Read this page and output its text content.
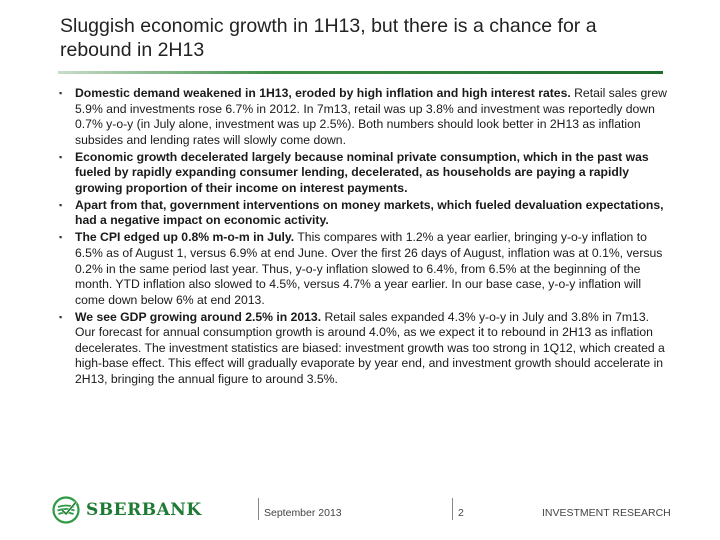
Sluggish economic growth in 1H13, but there is a chance for a rebound in 2H13
▪ Domestic demand weakened in 1H13, eroded by high inflation and high interest rates. Retail sales grew 5.9% and investments rose 6.7% in 2012. In 7m13, retail was up 3.8% and investment was reportedly down 0.7% y-o-y (in July alone, investment was up 2.5%). Both numbers should look better in 2H13 as inflation subsides and lending rates will slowly come down.
▪ Economic growth decelerated largely because nominal private consumption, which in the past was fueled by rapidly expanding consumer lending, decelerated, as households are paying a rapidly growing proportion of their income on interest payments.
▪ Apart from that, government interventions on money markets, which fueled devaluation expectations, had a negative impact on economic activity.
▪ The CPI edged up 0.8% m-o-m in July. This compares with 1.2% a year earlier, bringing y-o-y inflation to 6.5% as of August 1, versus 6.9% at end June. Over the first 26 days of August, inflation was at 0.1%, versus 0.2% in the same period last year. Thus, y-o-y inflation slowed to 6.4%, from 6.5% at the beginning of the month. YTD inflation also slowed to 4.5%, versus 4.7% a year earlier. In our base case, y-o-y inflation will come down below 6% at end 2013.
▪ We see GDP growing around 2.5% in 2013. Retail sales expanded 4.3% y-o-y in July and 3.8% in 7m13. Our forecast for annual consumption growth is around 4.0%, as we expect it to rebound in 2H13 as inflation decelerates. The investment statistics are biased: investment growth was too strong in 1Q12, which created a high-base effect. This effect will gradually evaporate by year end, and investment growth should accelerate in 2H13, bringing the annual figure to around 3.5%.
SBERBANK	September 2013	2	INVESTMENT RESEARCH
